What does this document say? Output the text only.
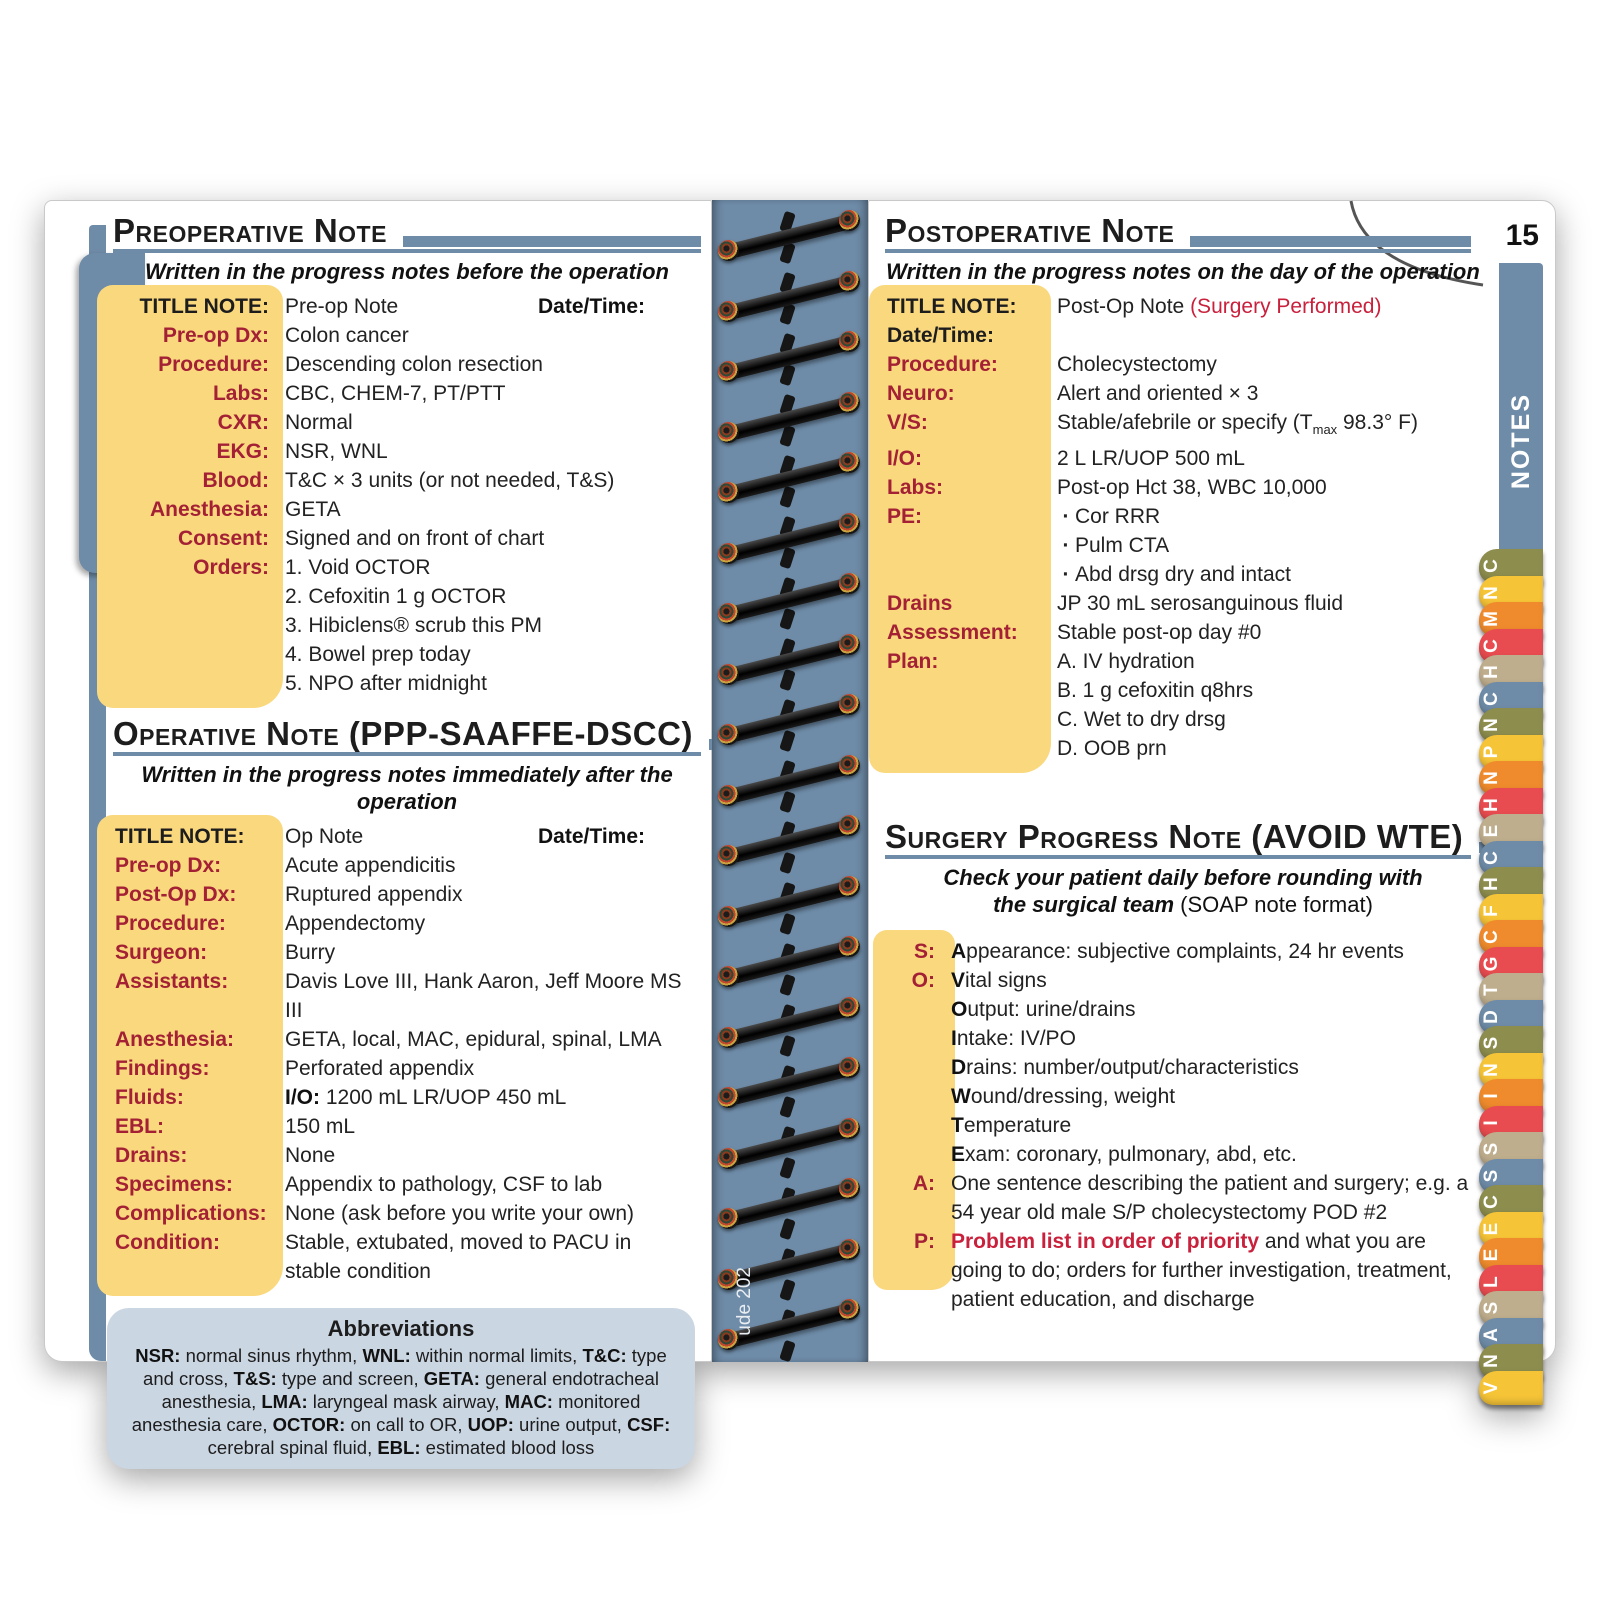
Preoperative Note
Written in the progress notes before the operation
TITLE NOTE: Pre-op Note	Date/Time:
Pre-op Dx: Colon cancer
Procedure: Descending colon resection
Labs: CBC, CHEM-7, PT/PTT
CXR: Normal
EKG: NSR, WNL
Blood: T&C × 3 units (or not needed, T&S)
Anesthesia: GETA
Consent: Signed and on front of chart
Orders: 1. Void OCTOR
2. Cefoxitin 1 g OCTOR
3. Hibiclens® scrub this PM
4. Bowel prep today
5. NPO after midnight
Operative Note (PPP-SAAFFE-DSCC)
Written in the progress notes immediately after the operation
TITLE NOTE:	Op Note	Date/Time:
Pre-op Dx:	Acute appendicitis
Post-Op Dx:	Ruptured appendix
Procedure:	Appendectomy
Surgeon:	Burry
Assistants:	Davis Love III, Hank Aaron, Jeff Moore MS III
Anesthesia:	GETA, local, MAC, epidural, spinal, LMA
Findings:	Perforated appendix
Fluids:	I/O: 1200 mL LR/UOP 450 mL
EBL:	150 mL
Drains:	None
Specimens:	Appendix to pathology, CSF to lab
Complications: None (ask before you write your own)
Condition:	Stable, extubated, moved to PACU in stable condition
Abbreviations

NSR: normal sinus rhythm, WNL: within normal limits, T&C: type and cross, T&S: type and screen, GETA: general endotracheal anesthesia, LMA: laryngeal mask airway, MAC: monitored anesthesia care, OCTOR: on call to OR, UOP: urine output, CSF: cerebral spinal fluid, EBL: estimated blood loss

ude 202
15
NOTES
C
N
M
C
H
C
N
P
N
H
E
C
H
F
C
G
T
D
S
N
I
I
S
S
C
E
E
L
S
A
N
V
Postoperative Note
Written in the progress notes on the day of the operation
TITLE NOTE:	Post-Op Note (Surgery Performed)
Date/Time:
Procedure:	Cholecystectomy
Neuro:	Alert and oriented × 3
V/S:	Stable/afebrile or specify ($T_{max}$ 98.3° F)
I/O:	2 L LR/UOP 500 mL
Labs:	Post-op Hct 38, WBC 10,000
PE:	· Cor RRR
· Pulm CTA
· Abd drsg dry and intact
Drains	JP 30 mL serosanguinous fluid
Assessment:	Stable post-op day #0
Plan:	A. IV hydration
B. 1 g cefoxitin q8hrs
C. Wet to dry drsg
D. OOB prn
Surgery Progress Note (AVOID WTE)
Check your patient daily before rounding with the surgical team (SOAP note format)
S: Appearance: subjective complaints, 24 hr events
O: Vital signs
Output: urine/drains
Intake: IV/PO
Drains: number/output/characteristics
Wound/dressing, weight
Temperature
Exam: coronary, pulmonary, abd, etc.
A: One sentence describing the patient and surgery; e.g. a 54 year old male S/P cholecystectomy POD #2
P: Problem list in order of priority and what you are going to do; orders for further investigation, treatment, patient education, and discharge
